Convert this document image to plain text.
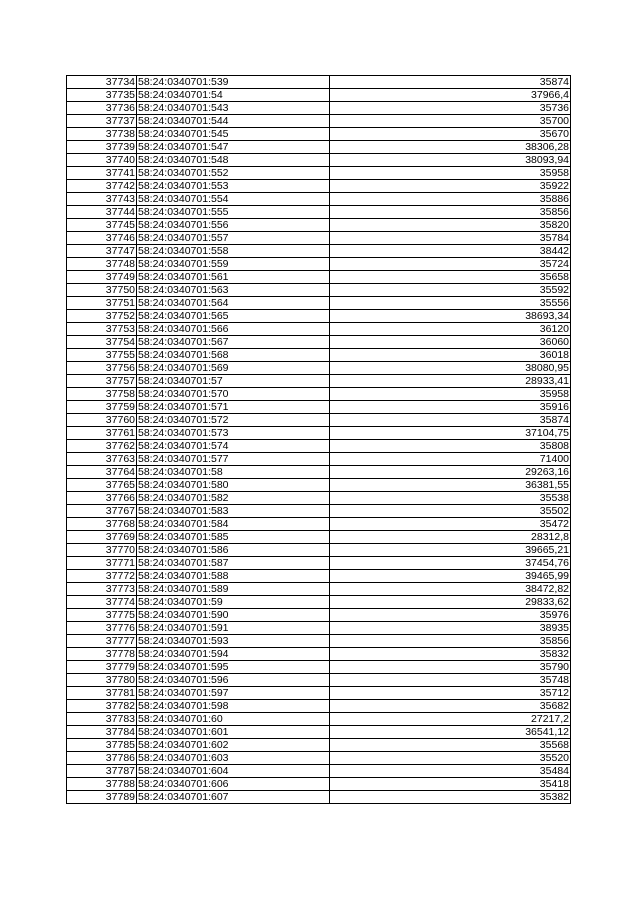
37734	58:24:0340701:539	35874
37735	58:24:0340701:54	37966,4
37736	58:24:0340701:543	35736
37737	58:24:0340701:544	35700
37738	58:24:0340701:545	35670
37739	58:24:0340701:547	38306,28
37740	58:24:0340701:548	38093,94
37741	58:24:0340701:552	35958
37742	58:24:0340701:553	35922
37743	58:24:0340701:554	35886
37744	58:24:0340701:555	35856
37745	58:24:0340701:556	35820
37746	58:24:0340701:557	35784
37747	58:24:0340701:558	38442
37748	58:24:0340701:559	35724
37749	58:24:0340701:561	35658
37750	58:24:0340701:563	35592
37751	58:24:0340701:564	35556
37752	58:24:0340701:565	38693,34
37753	58:24:0340701:566	36120
37754	58:24:0340701:567	36060
37755	58:24:0340701:568	36018
37756	58:24:0340701:569	38080,95
37757	58:24:0340701:57	28933,41
37758	58:24:0340701:570	35958
37759	58:24:0340701:571	35916
37760	58:24:0340701:572	35874
37761	58:24:0340701:573	37104,75
37762	58:24:0340701:574	35808
37763	58:24:0340701:577	71400
37764	58:24:0340701:58	29263,16
37765	58:24:0340701:580	36381,55
37766	58:24:0340701:582	35538
37767	58:24:0340701:583	35502
37768	58:24:0340701:584	35472
37769	58:24:0340701:585	28312,8
37770	58:24:0340701:586	39665,21
37771	58:24:0340701:587	37454,76
37772	58:24:0340701:588	39465,99
37773	58:24:0340701:589	38472,82
37774	58:24:0340701:59	29833,62
37775	58:24:0340701:590	35976
37776	58:24:0340701:591	38935
37777	58:24:0340701:593	35856
37778	58:24:0340701:594	35832
37779	58:24:0340701:595	35790
37780	58:24:0340701:596	35748
37781	58:24:0340701:597	35712
37782	58:24:0340701:598	35682
37783	58:24:0340701:60	27217,2
37784	58:24:0340701:601	36541,12
37785	58:24:0340701:602	35568
37786	58:24:0340701:603	35520
37787	58:24:0340701:604	35484
37788	58:24:0340701:606	35418
37789	58:24:0340701:607	35382
